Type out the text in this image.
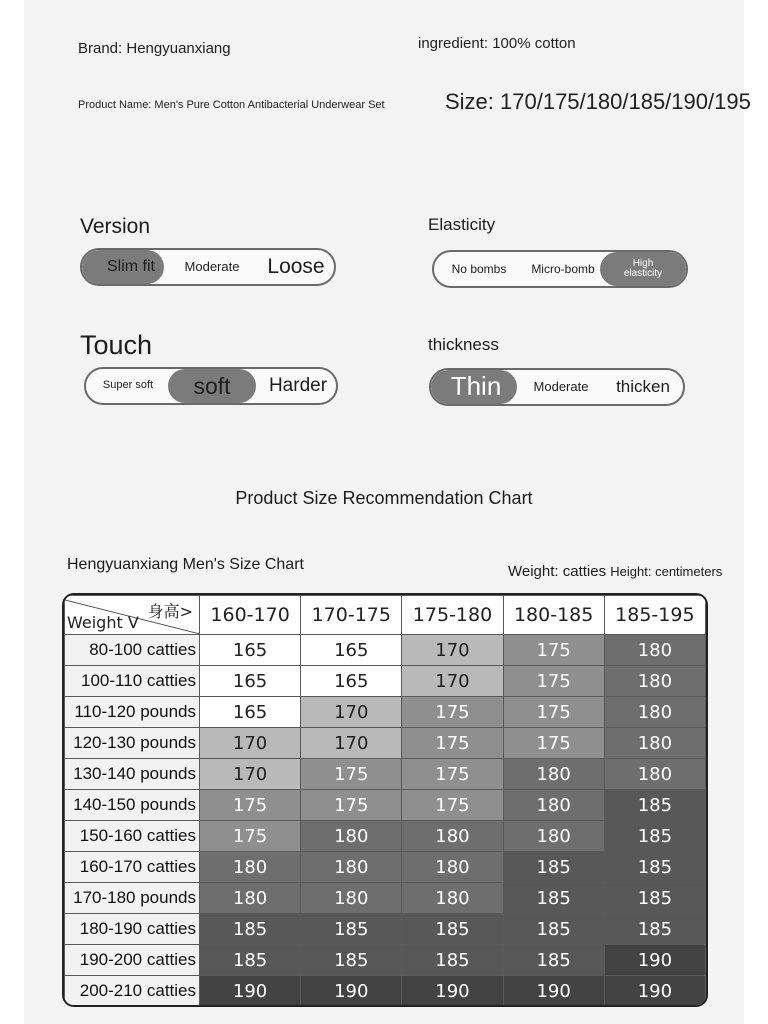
Brand: Hengyuanxiang	ingredient: 100% cotton
Product Name: Men's Pure Cotton Antibacterial Underwear Set	Size: 170/175/180/185/190/195
Version
Slim fit	Moderate	Loose
Elasticity
No bombs	Micro-bomb	High elasticity
Touch
Super soft	soft	Harder
thickness
Thin	Moderate	thicken
Product Size Recommendation Chart
Hengyuanxiang Men's Size Chart	Weight: catties Height: centimeters
身高>
Weight V	160-170	170-175	175-180	180-185	185-195
80-100 catties	165	165	170	175	180
100-110 catties	165	165	170	175	180
110-120 pounds	165	170	175	175	180
120-130 pounds	170	170	175	175	180
130-140 pounds	170	175	175	180	180
140-150 pounds	175	175	175	180	185
150-160 catties	175	180	180	180	185
160-170 catties	180	180	180	185	185
170-180 pounds	180	180	180	185	185
180-190 catties	185	185	185	185	185
190-200 catties	185	185	185	185	190
200-210 catties	190	190	190	190	190
